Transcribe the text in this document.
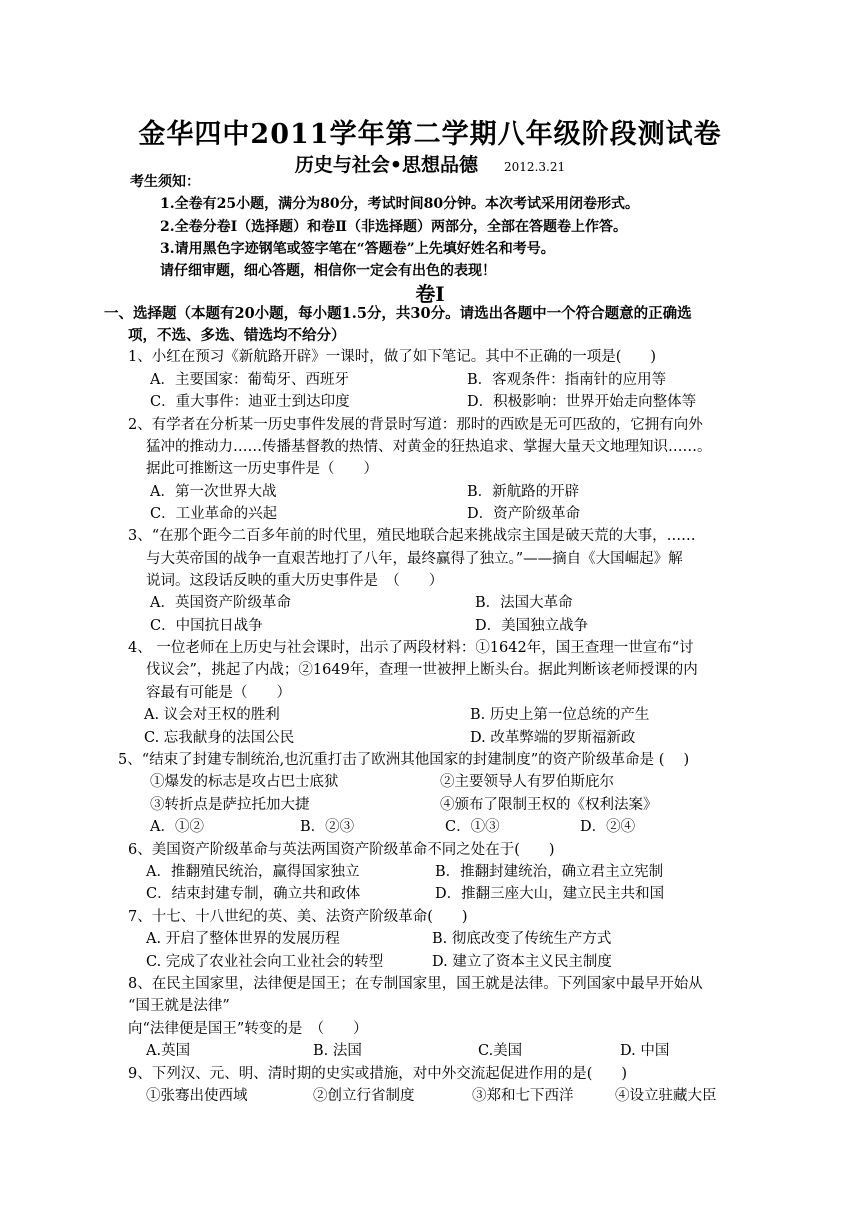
金华四中2011学年第二学期八年级阶段测试卷
历史与社会•思想品德 2012.3.21
考生须知：
1.全卷有25小题，满分为80分，考试时间80分钟。本次考试采用闭卷形式。
2.全卷分卷Ⅰ（选择题）和卷Ⅱ（非选择题）两部分，全部在答题卷上作答。
3.请用黑色字迹钢笔或签字笔在“答题卷”上先填好姓名和考号。
请仔细审题，细心答题，相信你一定会有出色的表现！
卷Ⅰ
一、选择题（本题有20小题，每小题1.5分，共30分。请选出各题中一个符合题意的正确选
项，不选、多选、错选均不给分）
1、小红在预习《新航路开辟》一课时，做了如下笔记。其中不正确的一项是(　　)
A．主要国家：葡萄牙、西班牙	B．客观条件：指南针的应用等
C．重大事件：迪亚士到达印度	D．积极影响：世界开始走向整体等
2、有学者在分析某一历史事件发展的背景时写道：那时的西欧是无可匹敌的，它拥有向外
猛冲的推动力……传播基督教的热情、对黄金的狂热追求、掌握大量天文地理知识……。
据此可推断这一历史事件是（　　）
A．第一次世界大战	B．新航路的开辟
C．工业革命的兴起	D．资产阶级革命
3、“在那个距今二百多年前的时代里，殖民地联合起来挑战宗主国是破天荒的大事，……
与大英帝国的战争一直艰苦地打了八年，最终赢得了独立。”——摘自《大国崛起》解
说词。这段话反映的重大历史事件是　（　　）
A．英国资产阶级革命	B．法国大革命
C．中国抗日战争	D．美国独立战争
4、 一位老师在上历史与社会课时，出示了两段材料：①1642年，国王查理一世宣布“讨
伐议会”，挑起了内战；②1649年，查理一世被押上断头台。据此判断该老师授课的内
容最有可能是（　　）
A. 议会对王权的胜利	B. 历史上第一位总统的产生
C. 忘我献身的法国公民	D. 改革弊端的罗斯福新政
5、“结束了封建专制统治,也沉重打击了欧洲其他国家的封建制度”的资产阶级革命是 (　 )
①爆发的标志是攻占巴士底狱	②主要领导人有罗伯斯庇尔
③转折点是萨拉托加大捷	④颁布了限制王权的《权利法案》
A．①②	B．②③	C．①③	D．②④
6、美国资产阶级革命与英法两国资产阶级革命不同之处在于(　　)
A．推翻殖民统治，赢得国家独立	B．推翻封建统治，确立君主立宪制
C．结束封建专制，确立共和政体	D．推翻三座大山，建立民主共和国
7、十七、十八世纪的英、美、法资产阶级革命(　　)
A. 开启了整体世界的发展历程	B. 彻底改变了传统生产方式
C. 完成了农业社会向工业社会的转型	D. 建立了资本主义民主制度
8、在民主国家里，法律便是国王；在专制国家里，国王就是法律。下列国家中最早开始从
“国王就是法律”
向“法律便是国王”转变的是　（　　）
A.英国	B. 法国	C.美国	D. 中国
9、下列汉、元、明、清时期的史实或措施，对中外交流起促进作用的是(　　)
①张骞出使西域	②创立行省制度	③郑和七下西洋	④设立驻藏大臣
